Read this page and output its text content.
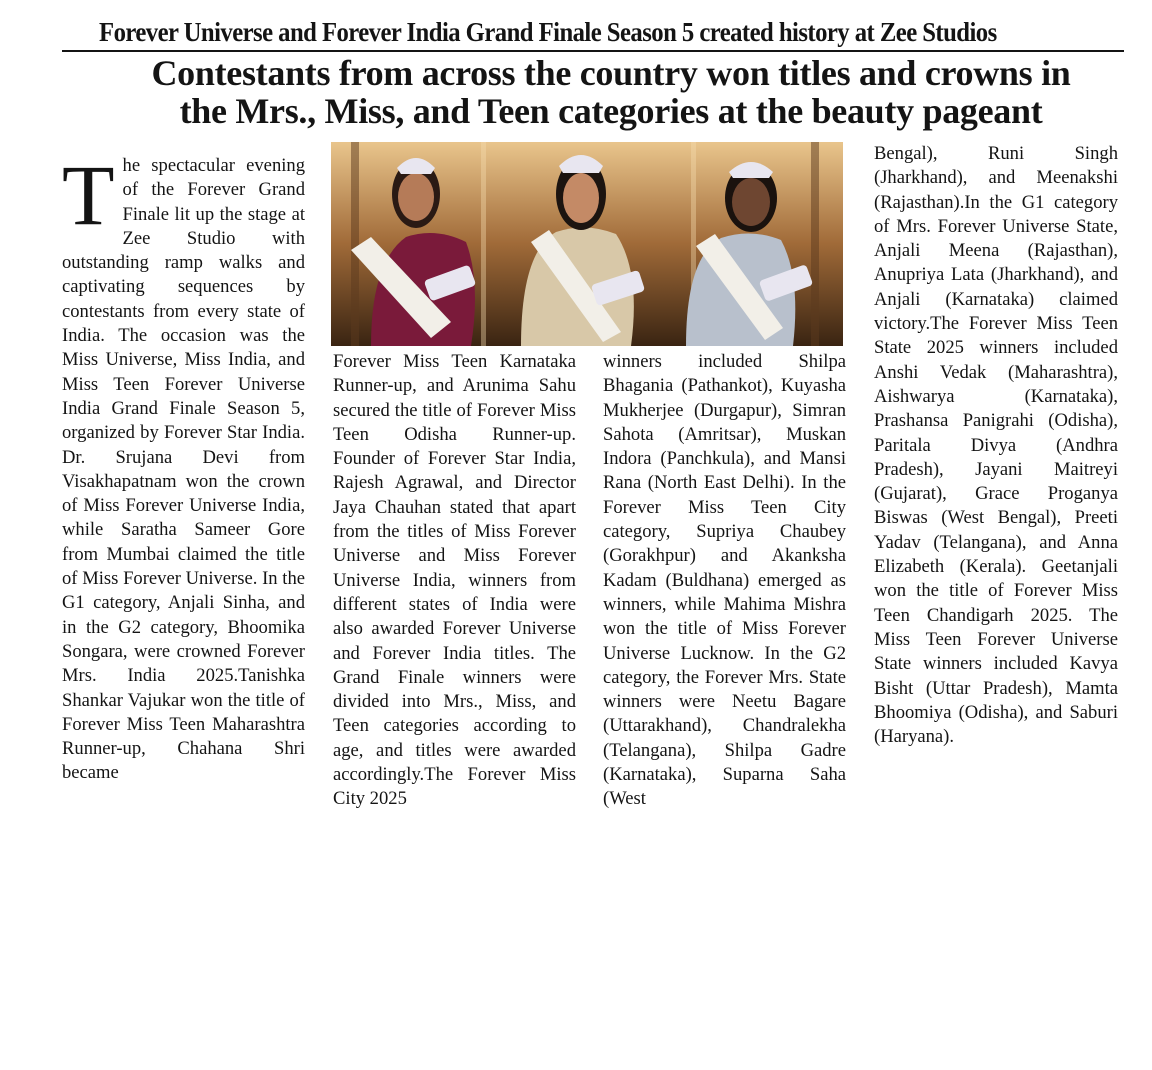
Forever Universe and Forever India Grand Finale Season 5 created history at Zee Studios
Contestants from across the country won titles and crowns in
the Mrs., Miss, and Teen categories at the beauty pageant
T he spectacular evening of the Forever Grand Finale lit up the stage at Zee Studio with outstanding ramp walks and captivating sequences by contestants from every state of India. The occasion was the Miss Universe, Miss India, and Miss Teen Forever Universe India Grand Finale Season 5, organized by Forever Star India. Dr. Srujana Devi from Visakhapatnam won the crown of Miss Forever Universe India, while Saratha Sameer Gore from Mumbai claimed the title of Miss Forever Universe. In the G1 category, Anjali Sinha, and in the G2 category, Bhoomika Songara, were crowned Forever Mrs. India 2025.Tanishka Shankar Vajukar won the title of Forever Miss Teen Maharashtra Runner-up, Chahana Shri became

Forever Miss Teen Karnataka Runner-up, and Arunima Sahu secured the title of Forever Miss Teen Odisha Runner-up. Founder of Forever Star India, Rajesh Agrawal, and Director Jaya Chauhan stated that apart from the titles of Miss Forever Universe and Miss Forever Universe India, winners from different states of India were also awarded Forever Universe and Forever India titles. The Grand Finale winners were divided into Mrs., Miss, and Teen categories according to age, and titles were awarded accordingly.The Forever Miss City 2025

winners included Shilpa Bhagania (Pathankot), Kuyasha Mukherjee (Durgapur), Simran Sahota (Amritsar), Muskan Indora (Panchkula), and Mansi Rana (North East Delhi). In the Forever Miss Teen City category, Supriya Chaubey (Gorakhpur) and Akanksha Kadam (Buldhana) emerged as winners, while Mahima Mishra won the title of Miss Forever Universe Lucknow. In the G2 category, the Forever Mrs. State winners were Neetu Bagare (Uttarakhand), Chandralekha (Telangana), Shilpa Gadre (Karnataka), Suparna Saha (West

Bengal), Runi Singh (Jharkhand), and Meenakshi (Rajasthan).In the G1 category of Mrs. Forever Universe State, Anjali Meena (Rajasthan), Anupriya Lata (Jharkhand), and Anjali (Karnataka) claimed victory.The Forever Miss Teen State 2025 winners included Anshi Vedak (Maharashtra), Aishwarya (Karnataka), Prashansa Panigrahi (Odisha), Paritala Divya (Andhra Pradesh), Jayani Maitreyi (Gujarat), Grace Proganya Biswas (West Bengal), Preeti Yadav (Telangana), and Anna Elizabeth (Kerala). Geetanjali won the title of Forever Miss Teen Chandigarh 2025. The Miss Teen Forever Universe State winners included Kavya Bisht (Uttar Pradesh), Mamta Bhoomiya (Odisha), and Saburi (Haryana).
